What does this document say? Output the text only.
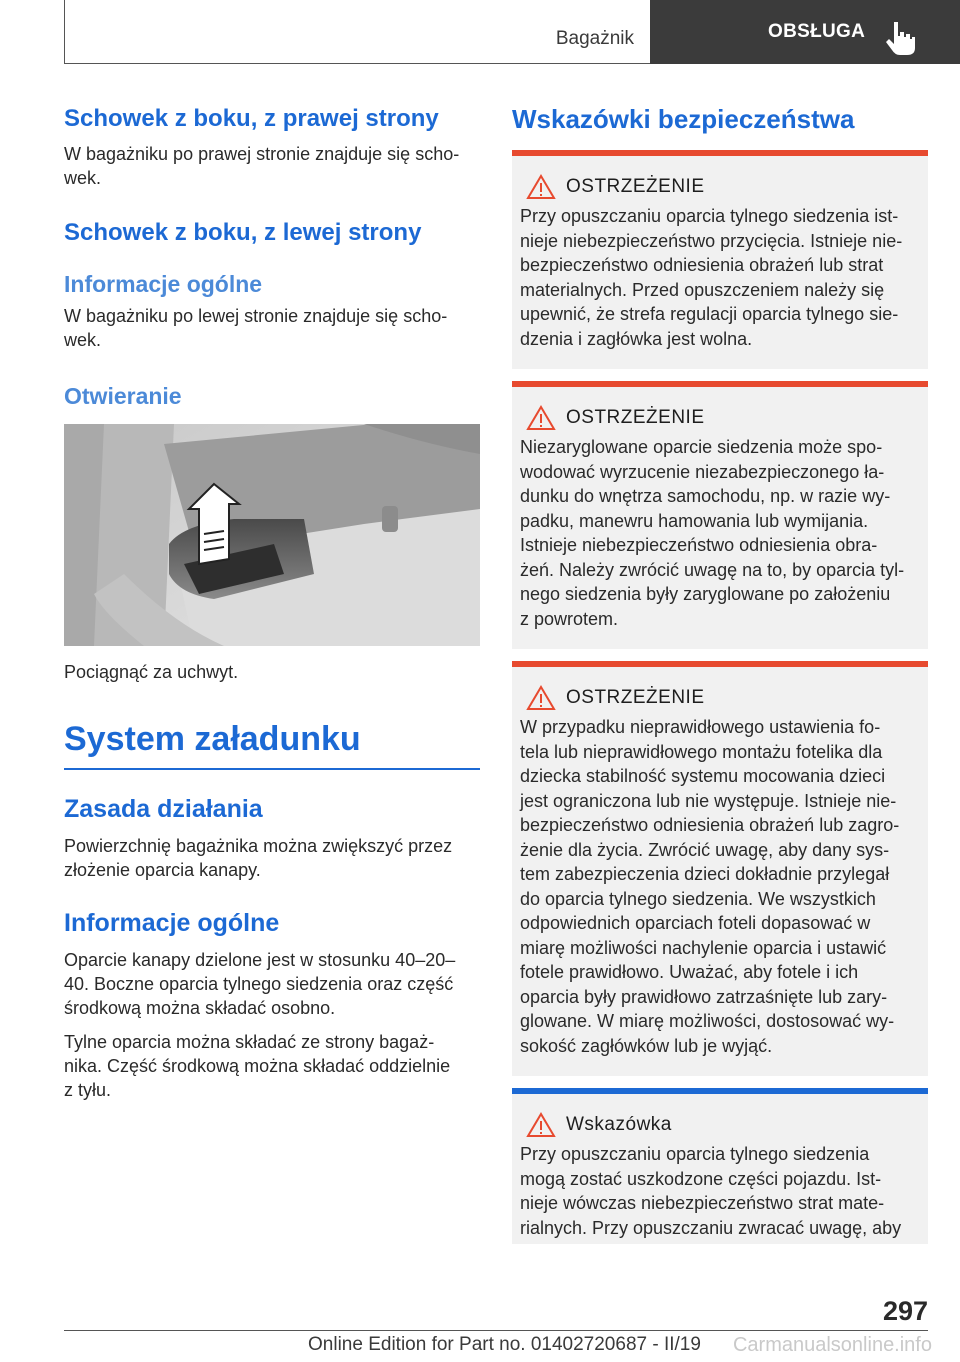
Bagażnik	OBSŁUGA
Schowek z boku, z prawej strony
W bagażniku po prawej stronie znajduje się scho-
wek.
Schowek z boku, z lewej strony
Informacje ogólne
W bagażniku po lewej stronie znajduje się scho-
wek.
Otwieranie
Pociągnąć za uchwyt.
System załadunku
Zasada działania
Powierzchnię bagażnika można zwiększyć przez
złożenie oparcia kanapy.
Informacje ogólne
Oparcie kanapy dzielone jest w stosunku 40–20–
40. Boczne oparcia tylnego siedzenia oraz część
środkową można składać osobno.
Tylne oparcia można składać ze strony bagaż-
nika. Część środkową można składać oddzielnie
z tyłu.
Wskazówki bezpieczeństwa
OSTRZEŻENIE
Przy opuszczaniu oparcia tylnego siedzenia ist-
nieje niebezpieczeństwo przycięcia. Istnieje nie-
bezpieczeństwo odniesienia obrażeń lub strat
materialnych. Przed opuszczeniem należy się
upewnić, że strefa regulacji oparcia tylnego sie-
dzenia i zagłówka jest wolna.
OSTRZEŻENIE
Niezaryglowane oparcie siedzenia może spo-
wodować wyrzucenie niezabezpieczonego ła-
dunku do wnętrza samochodu, np. w razie wy-
padku, manewru hamowania lub wymijania.
Istnieje niebezpieczeństwo odniesienia obra-
żeń. Należy zwrócić uwagę na to, by oparcia tyl-
nego siedzenia były zaryglowane po założeniu
z powrotem.
OSTRZEŻENIE
W przypadku nieprawidłowego ustawienia fo-
tela lub nieprawidłowego montażu fotelika dla
dziecka stabilność systemu mocowania dzieci
jest ograniczona lub nie występuje. Istnieje nie-
bezpieczeństwo odniesienia obrażeń lub zagro-
żenie dla życia. Zwrócić uwagę, aby dany sys-
tem zabezpieczenia dzieci dokładnie przylegał
do oparcia tylnego siedzenia. We wszystkich
odpowiednich oparciach foteli dopasować w
miarę możliwości nachylenie oparcia i ustawić
fotele prawidłowo. Uważać, aby fotele i ich
oparcia były prawidłowo zatrzaśnięte lub zary-
glowane. W miarę możliwości, dostosować wy-
sokość zagłówków lub je wyjąć.
Wskazówka
Przy opuszczaniu oparcia tylnego siedzenia
mogą zostać uszkodzone części pojazdu. Ist-
nieje wówczas niebezpieczeństwo strat mate-
rialnych. Przy opuszczaniu zwracać uwagę, aby
297
Online Edition for Part no. 01402720687 - II/19 Carmanualsonline.info
